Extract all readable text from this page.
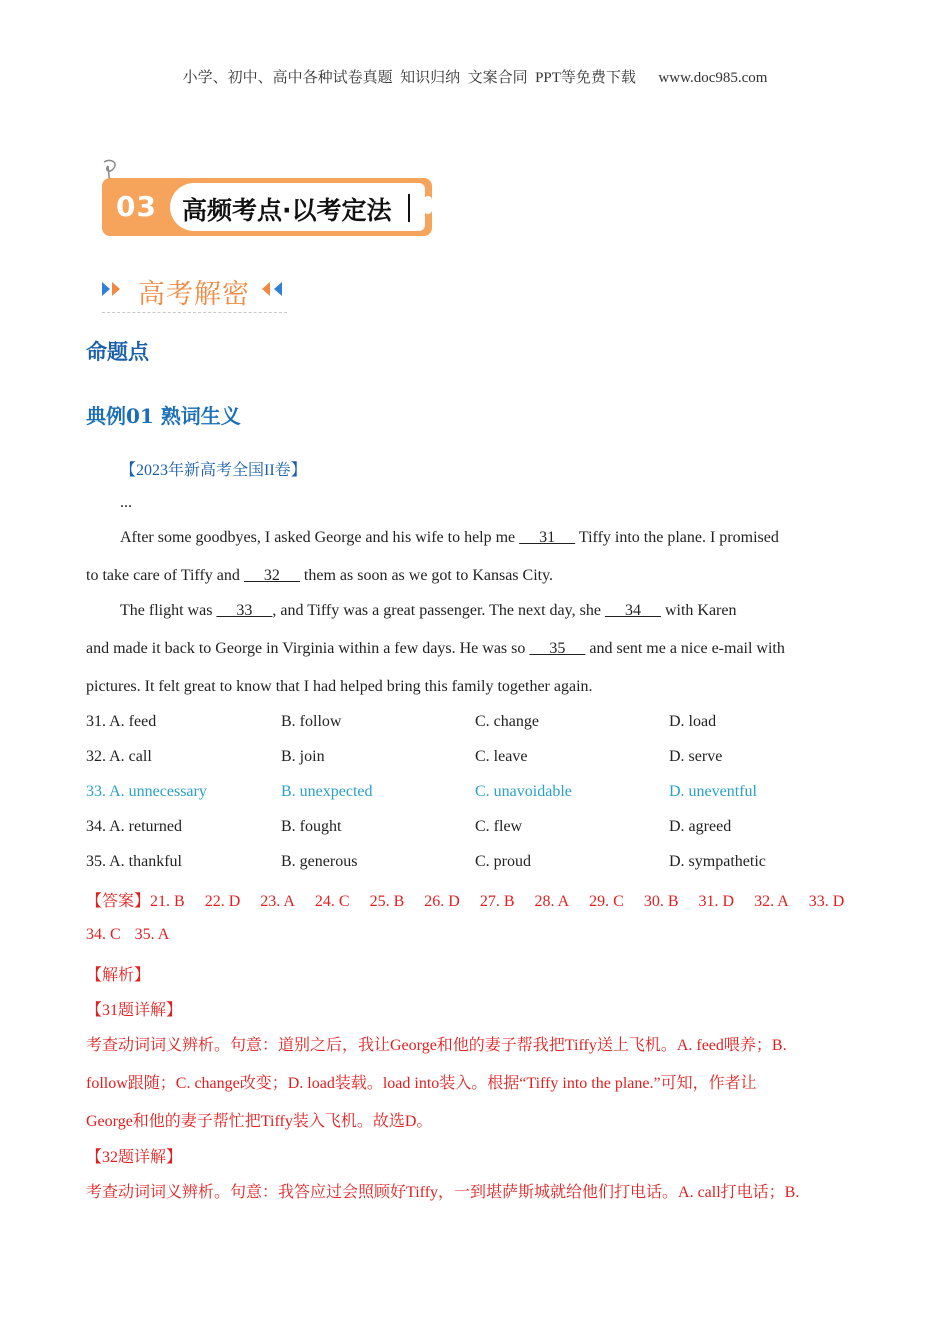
小学、初中、高中各种试卷真题  知识归纳  文案合同  PPT等免费下载 www.doc985.com
03 高频考点·以考定法
高考解密
命题点
典例01 熟词生义
【2023年新高考全国II卷】
...
After some goodbyes, I asked George and his wife to help me      31      Tiffy into the plane. I promised
to take care of Tiffy and      32      them as soon as we got to Kansas City.
The flight was      33     , and Tiffy was a great passenger. The next day, she      34      with Karen
and made it back to George in Virginia within a few days. He was so      35      and sent me a nice e-mail with
pictures. It felt great to know that I had helped bring this family together again.
31. A. feed	B. follow	C. change	D. load
32. A. call	B. join	C. leave	D. serve
33. A. unnecessary	B. unexpected	C. unavoidable	D. uneventful
34. A. returned	B. fought	C. flew	D. agreed
35. A. thankful	B. generous	C. proud	D. sympathetic
【答案】21. B 22. D 23. A 24. C 25. B 26. D 27. B 28. A 29. C 30. B 31. D 32. A 33. D
34. C 35. A
【解析】
【31题详解】
考查动词词义辨析。句意：道别之后，我让George和他的妻子帮我把Tiffy送上飞机。A. feed喂养；B.
follow跟随；C. change改变；D. load装载。load into装入。根据“Tiffy into the plane.”可知，作者让
George和他的妻子帮忙把Tiffy装入飞机。故选D。
【32题详解】
考查动词词义辨析。句意：我答应过会照顾好Tiffy，一到堪萨斯城就给他们打电话。A. call打电话；B.
